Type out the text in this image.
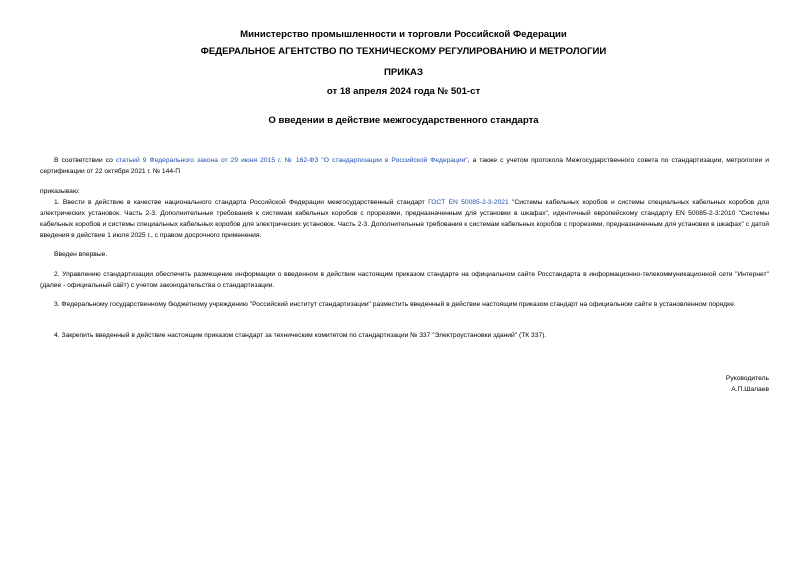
Министерство промышленности и торговли Российской Федерации
ФЕДЕРАЛЬНОЕ АГЕНТСТВО ПО ТЕХНИЧЕСКОМУ РЕГУЛИРОВАНИЮ И МЕТРОЛОГИИ
ПРИКАЗ
от 18 апреля 2024 года № 501-ст
О введении в действие межгосударственного стандарта

В соответствии со статьей 9 Федерального закона от 29 июня 2015 г. № 162-ФЗ "О стандартизации в Российской Федерации", а также с учетом протокола Межгосударственного совета по стандартизации, метрологии и сертификации от 22 октября 2021 г. № 144-П

приказываю:

1. Ввести в действие в качестве национального стандарта Российской Федерации межгосударственный стандарт ГОСТ EN 50085-2-3-2021 "Системы кабельных коробов и системы специальных кабельных коробов для электрических установок. Часть 2-3. Дополнительные требования к системам кабельных коробов с прорезями, предназначенным для установки в шкафах", идентичный европейскому стандарту EN 50085-2-3:2010 "Системы кабельных коробов и системы специальных кабельных коробов для электрических установок. Часть 2-3. Дополнительные требования к системам кабельных коробов с прорезями, предназначенным для установки в шкафах" с датой введения в действие 1 июля 2025 г., с правом досрочного применения.

Введен впервые.

2. Управлению стандартизации обеспечить размещение информации о введенном в действие настоящим приказом стандарте на официальном сайте Росстандарта в информационно-телекоммуникационной сети "Интернет" (далее - официальный сайт) с учетом законодательства о стандартизации.

3. Федеральному государственному бюджетному учреждению "Российский институт стандартизации" разместить введенный в действие настоящим приказом стандарт на официальном сайте в установленном порядке.

4. Закрепить введенный в действие настоящим приказом стандарт за техническим комитетом по стандартизации № 337 "Электроустановки зданий" (ТК 337).

Руководитель
А.П.Шалаев
